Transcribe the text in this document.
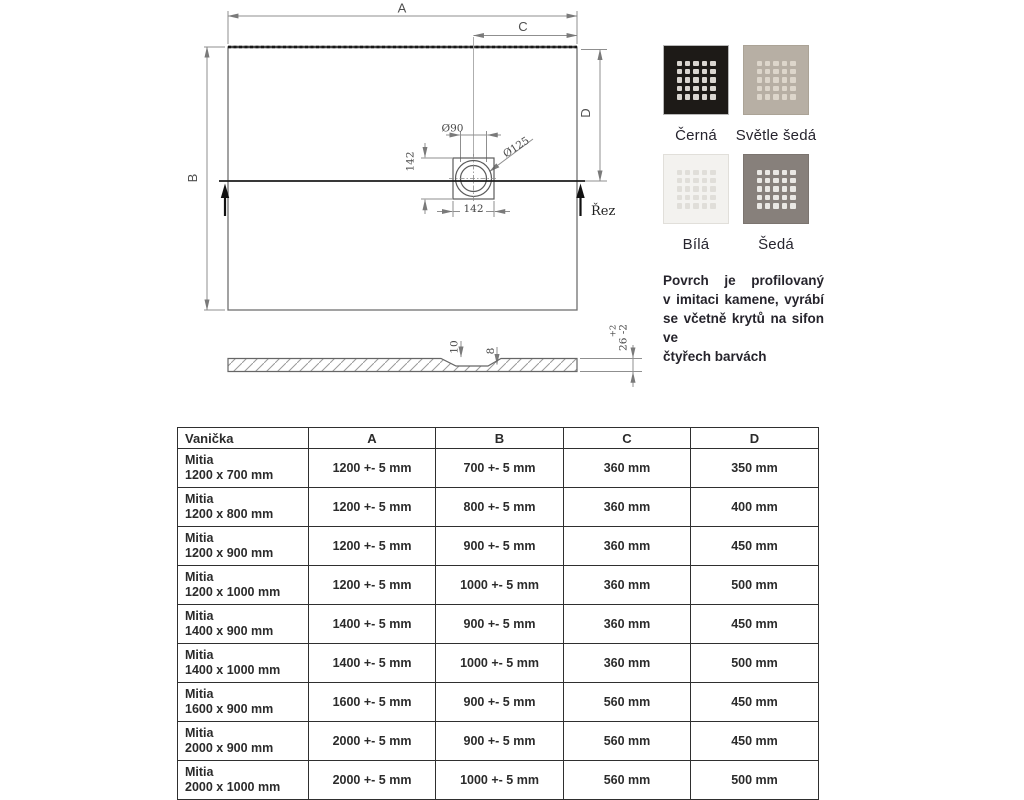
A
C
B
D
Řez
142
142
Ø90
Ø125
10 8
+2 26 -2
Černá Světle šedá
Bílá	Šedá
Povrch je profilovaný
v imitaci kamene, vyrábí
se včetně krytů na sifon ve
čtyřech barvách
Vanička	A	B	C	D

Mitia
1200 x 700 mm	1200 +- 5 mm	700 +- 5 mm	360 mm	350 mm

Mitia
1200 x 800 mm	1200 +- 5 mm	800 +- 5 mm	360 mm	400 mm

Mitia
1200 x 900 mm	1200 +- 5 mm	900 +- 5 mm	360 mm	450 mm

Mitia
1200 x 1000 mm	1200 +- 5 mm	1000 +- 5 mm	360 mm	500 mm

Mitia
1400 x 900 mm	1400 +- 5 mm	900 +- 5 mm	360 mm	450 mm

Mitia
1400 x 1000 mm	1400 +- 5 mm	1000 +- 5 mm	360 mm	500 mm

Mitia
1600 x 900 mm	1600 +- 5 mm	900 +- 5 mm	560 mm	450 mm

Mitia
2000 x 900 mm	2000 +- 5 mm	900 +- 5 mm	560 mm	450 mm

Mitia
2000 x 1000 mm	2000 +- 5 mm	1000 +- 5 mm	560 mm	500 mm
